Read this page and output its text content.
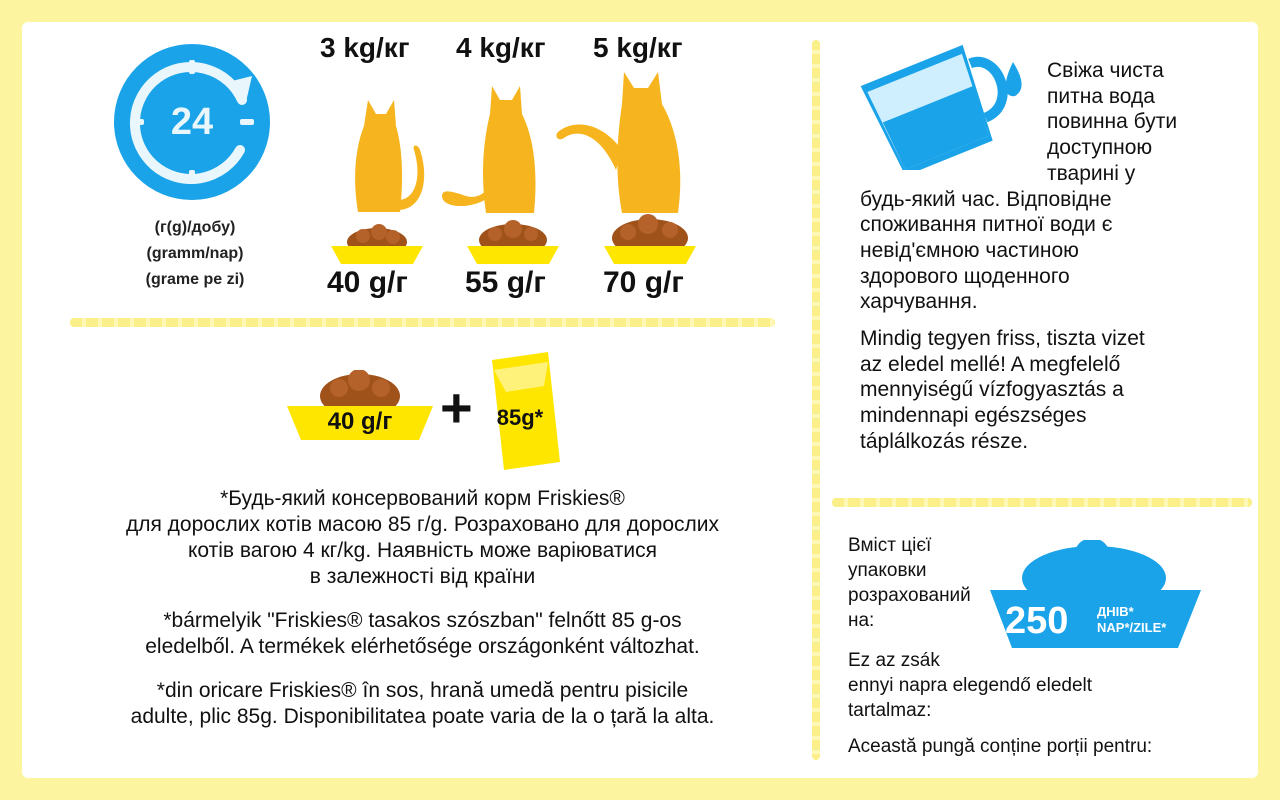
24
(г(g)/добу)
(gramm/nap)
(grame pe zi)
3 kg/кг 4 kg/кг 5 kg/кг
40 g/г 55 g/г 70 g/г
40 g/г +	85g*
*Будь-який консервований корм Friskies®
для дорослих котів масою 85 г/g. Розраховано для дорослих
котів вагою 4 кг/kg. Наявність може варіюватися
в залежності від країни
*bármelyik "Friskies® tasakos szószban" felnőtt 85 g-os
eledelből. A termékek elérhetősége országonként változhat.
*din oricare Friskies® în sos, hrană umedă pentru pisicile
adulte, plic 85g. Disponibilitatea poate varia de la o țară la alta.
Свіжа чиста
питна вода
повинна бути
доступною
тварині у
будь-який час. Відповідне
споживання питної води є
невід'ємною частиною
здорового щоденного
харчування.
Mindig tegyen friss, tiszta vizet
az eledel mellé! A megfelelő
mennyiségű vízfogyasztás a
mindennapi egészséges
táplálkozás része.
Вміст цієї
упаковки
розрахований
на:
Ez az zsák
ennyi napra elegendő eledelt
tartalmaz:
Această pungă conține porții pentru:
250 ДНІВ*
NAP*/ZILE*
